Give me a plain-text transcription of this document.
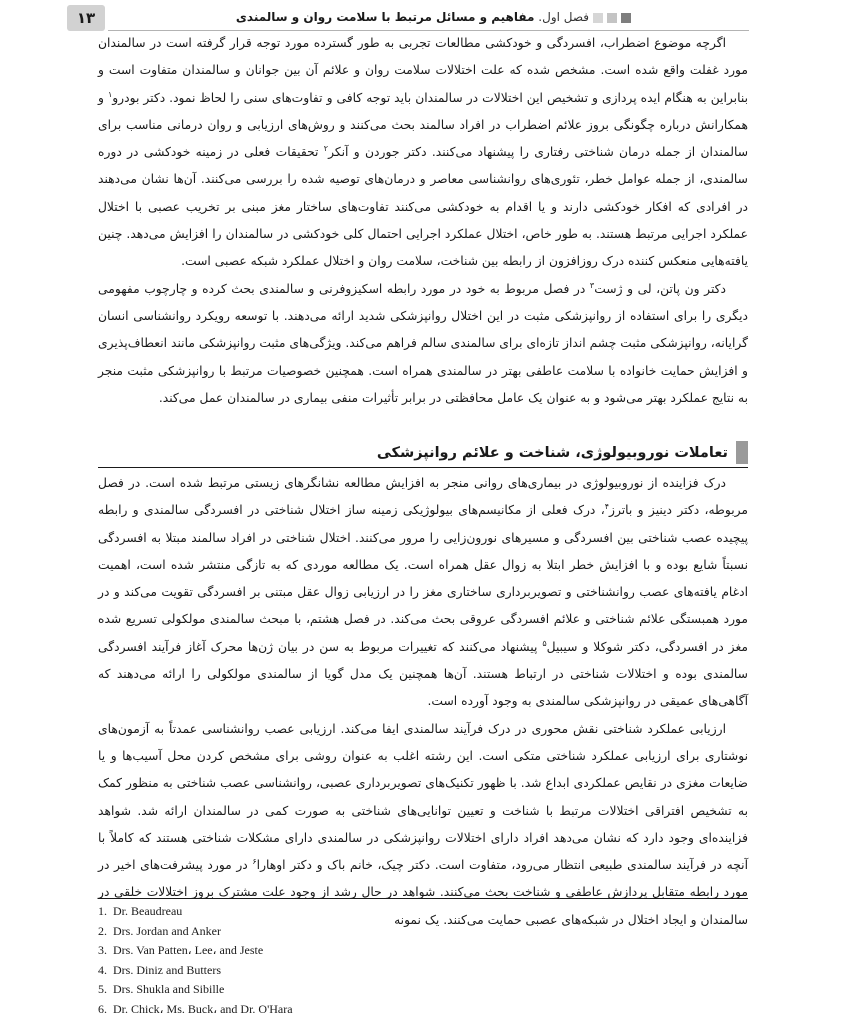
۱۳	فصل اول. مفاهیم و مسائل مرتبط با سلامت روان و سالمندی

اگرچه موضوع اضطراب، افسردگی و خودکشی مطالعات تجربی به طور گسترده مورد توجه قرار گرفته است در سالمندان مورد غفلت واقع شده است. مشخص شده که علت اختلالات سلامت روان و علائم آن بین جوانان و سالمندان متفاوت است و بنابراین به هنگام ایده پردازی و تشخیص این اختلالات در سالمندان باید توجه کافی و تفاوت‌های سنی را لحاظ نمود. دکتر بودرو$^۱$ و همکارانش درباره چگونگی بروز علائم اضطراب در افراد سالمند بحث می‌کنند و روش‌های ارزیابی و روان درمانی مناسب برای سالمندان از جمله درمان شناختی رفتاری را پیشنهاد می‌کنند. دکتر جوردن و آنکر$^۲$ تحقیقات فعلی در زمینه خودکشی در دوره سالمندی، از جمله عوامل خطر، تئوری‌های روانشناسی معاصر و درمان‌های توصیه شده را بررسی می‌کنند. آن‌ها نشان می‌دهند در افرادی که افکار خودکشی دارند و یا اقدام به خودکشی می‌کنند تفاوت‌های ساختار مغز مبنی بر تخریب عصبی با اختلال عملکرد اجرایی مرتبط هستند. به طور خاص، اختلال عملکرد اجرایی احتمال کلی خودکشی در سالمندان را افزایش می‌دهد. چنین یافته‌هایی منعکس کننده درک روزافزون از رابطه بین شناخت، سلامت روان و اختلال عملکرد شبکه عصبی است.

دکتر ون پاتن، لی و ژست$^۳$ در فصل مربوط به خود در مورد رابطه اسکیزوفرنی و سالمندی بحث کرده و چارچوب مفهومی دیگری را برای استفاده از روانپزشکی مثبت در این اختلال روانپزشکی شدید ارائه می‌دهند. با توسعه رویکرد روانشناسی انسان گرایانه، روانپزشکی مثبت چشم انداز تازه‌ای برای سالمندی سالم فراهم می‌کند. ویژگی‌های مثبت روانپزشکی مانند انعطاف‌پذیری و افزایش حمایت خانواده با سلامت عاطفی بهتر در سالمندی همراه است. همچنین خصوصیات مرتبط با روانپزشکی مثبت منجر به نتایج عملکرد بهتر می‌شود و به عنوان یک عامل محافظتی در برابر تأثیرات منفی بیماری در سالمندان عمل می‌کند.

تعاملات نوروبیولوژی، شناخت و علائم روانپزشکی

درک فزاینده از نوروبیولوژی در بیماری‌های روانی منجر به افزایش مطالعه نشانگرهای زیستی مرتبط شده است. در فصل مربوطه، دکتر دینیز و باترز$^۴$، درک فعلی از مکانیسم‌های بیولوژیکی زمینه ساز اختلال شناختی در افسردگی سالمندی و رابطه پیچیده عصب شناختی بین افسردگی و مسیرهای نورون‌زایی را مرور می‌کنند. اختلال شناختی در افراد سالمند مبتلا به افسردگی نسبتاً شایع بوده و با افزایش خطر ابتلا به زوال عقل همراه است. یک مطالعه موردی که به تازگی منتشر شده است، اهمیت ادغام یافته‌های عصب روانشناختی و تصویربرداری ساختاری مغز را در ارزیابی زوال عقل مبتنی بر افسردگی تقویت می‌کند و در مورد همبستگی علائم شناختی و علائم افسردگی عروقی بحث می‌کند. در فصل هشتم، با مبحث سالمندی مولکولی تسریع شده مغز در افسردگی، دکتر شوکلا و سیبیل$^۵$ پیشنهاد می‌کنند که تغییرات مربوط به سن در بیان ژن‌ها محرک آغاز فرآیند افسردگی سالمندی بوده و اختلالات شناختی در ارتباط هستند. آن‌ها همچنین یک مدل گویا از سالمندی مولکولی را ارائه می‌دهند که آگاهی‌های عمیقی در روانپزشکی سالمندی به وجود آورده است.

ارزیابی عملکرد شناختی نقش محوری در درک فرآیند سالمندی ایفا می‌کند. ارزیابی عصب روانشناسی عمدتاً به آزمون‌های نوشتاری برای ارزیابی عملکرد شناختی متکی است. این رشته اغلب به عنوان روشی برای مشخص کردن محل آسیب‌ها و یا ضایعات مغزی در نقایص عملکردی ابداع شد. با ظهور تکنیک‌های تصویربرداری عصبی، روانشناسی عصب شناختی به منظور کمک به تشخیص افتراقی اختلالات مرتبط با شناخت و تعیین توانایی‌های شناختی به صورت کمی در سالمندان ارائه شد. شواهد فزاینده‌ای وجود دارد که نشان می‌دهد افراد دارای اختلالات روانپزشکی در سالمندی دارای مشکلات شناختی هستند که کاملاً با آنچه در فرآیند سالمندی طبیعی انتظار می‌رود، متفاوت است. دکتر چیک، خانم باک و دکتر اوهارا$^۶$ در مورد پیشرفت‌های اخیر در مورد رابطه متقابل پردازش عاطفی و شناخت بحث می‌کنند. شواهد در حال رشد از وجود علت مشترک بروز اختلالات خلقی در سالمندان و ایجاد اختلال در شبکه‌های عصبی حمایت می‌کنند. یک نمونه

1. Dr. Beaudreau
2. Drs. Jordan and Anker
3. Drs. Van Patten، Lee، and Jeste
4. Drs. Diniz and Butters
5. Drs. Shukla and Sibille
6. Dr. Chick، Ms. Buck، and Dr. O'Hara
